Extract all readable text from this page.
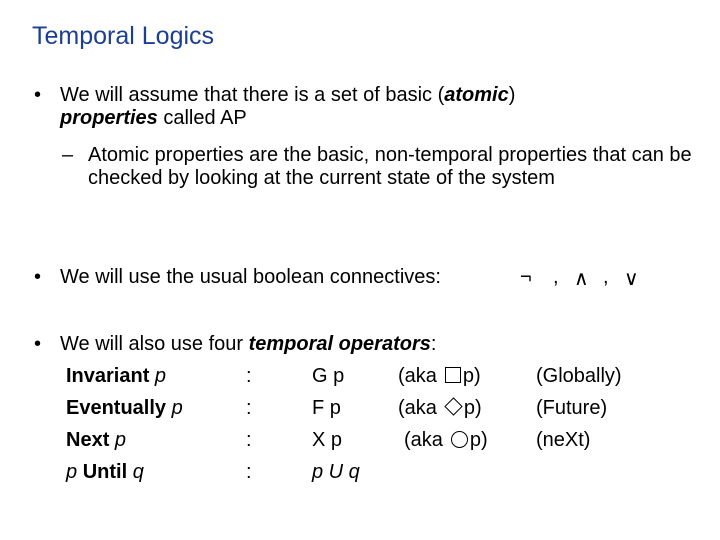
Temporal Logics
• We will assume that there is a set of basic (atomic)
properties called AP
– Atomic properties are the basic, non-temporal properties that can be checked by looking at the current state of the system
• We will use the usual boolean connectives:	¬ , ∧ , ∨
• We will also use four temporal operators:
Invariant p	:	G p	(aka p)	(Globally)
Eventually p	:	F p	(aka p)	(Future)
Next p	:	X p	(aka p) (neXt)
p Until q	:	p U q
